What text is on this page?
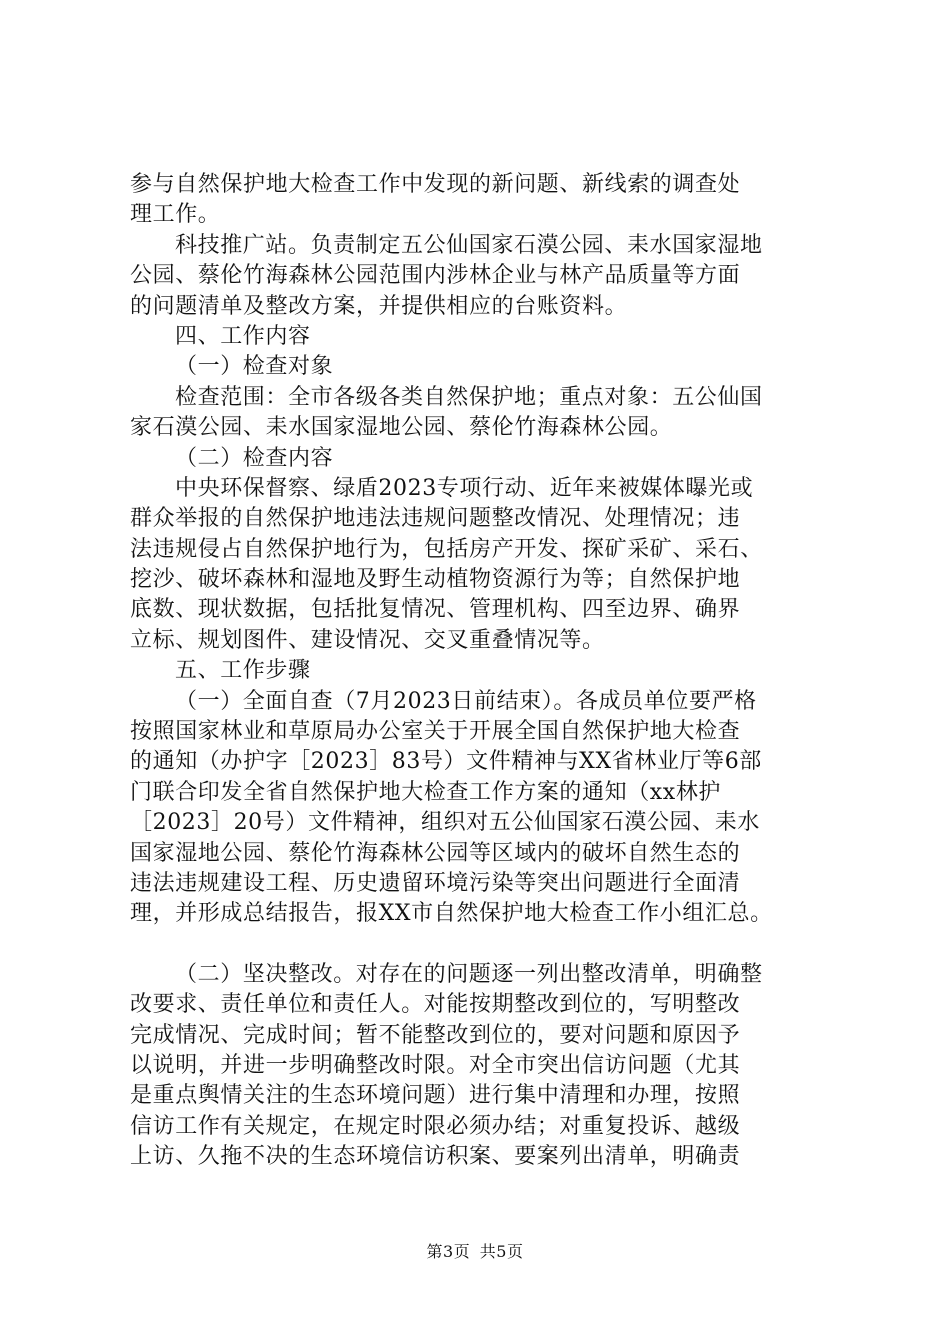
参与自然保护地大检查工作中发现的新问题、新线索的调查处
理工作。
科技推广站。负责制定五公仙国家石漠公园、耒水国家湿地
公园、蔡伦竹海森林公园范围内涉林企业与林产品质量等方面
的问题清单及整改方案，并提供相应的台账资料。
四、工作内容
（一）检查对象
检查范围：全市各级各类自然保护地；重点对象：五公仙国
家石漠公园、耒水国家湿地公园、蔡伦竹海森林公园。
（二）检查内容
中央环保督察、绿盾2023专项行动、近年来被媒体曝光或
群众举报的自然保护地违法违规问题整改情况、处理情况；违
法违规侵占自然保护地行为，包括房产开发、探矿采矿、采石、
挖沙、破坏森林和湿地及野生动植物资源行为等；自然保护地
底数、现状数据，包括批复情况、管理机构、四至边界、确界
立标、规划图件、建设情况、交叉重叠情况等。
五、工作步骤
（一）全面自查（7月2023日前结束）。各成员单位要严格
按照国家林业和草原局办公室关于开展全国自然保护地大检查
的通知（办护字［2023］83号）文件精神与XX省林业厅等6部
门联合印发全省自然保护地大检查工作方案的通知（xx林护
［2023］20号）文件精神，组织对五公仙国家石漠公园、耒水
国家湿地公园、蔡伦竹海森林公园等区域内的破坏自然生态的
违法违规建设工程、历史遗留环境污染等突出问题进行全面清
理，并形成总结报告，报XX市自然保护地大检查工作小组汇总。
（二）坚决整改。对存在的问题逐一列出整改清单，明确整
改要求、责任单位和责任人。对能按期整改到位的，写明整改
完成情况、完成时间；暂不能整改到位的，要对问题和原因予
以说明，并进一步明确整改时限。对全市突出信访问题（尤其
是重点舆情关注的生态环境问题）进行集中清理和办理，按照
信访工作有关规定，在规定时限必须办结；对重复投诉、越级
上访、久拖不决的生态环境信访积案、要案列出清单，明确责
第3页 共5页
